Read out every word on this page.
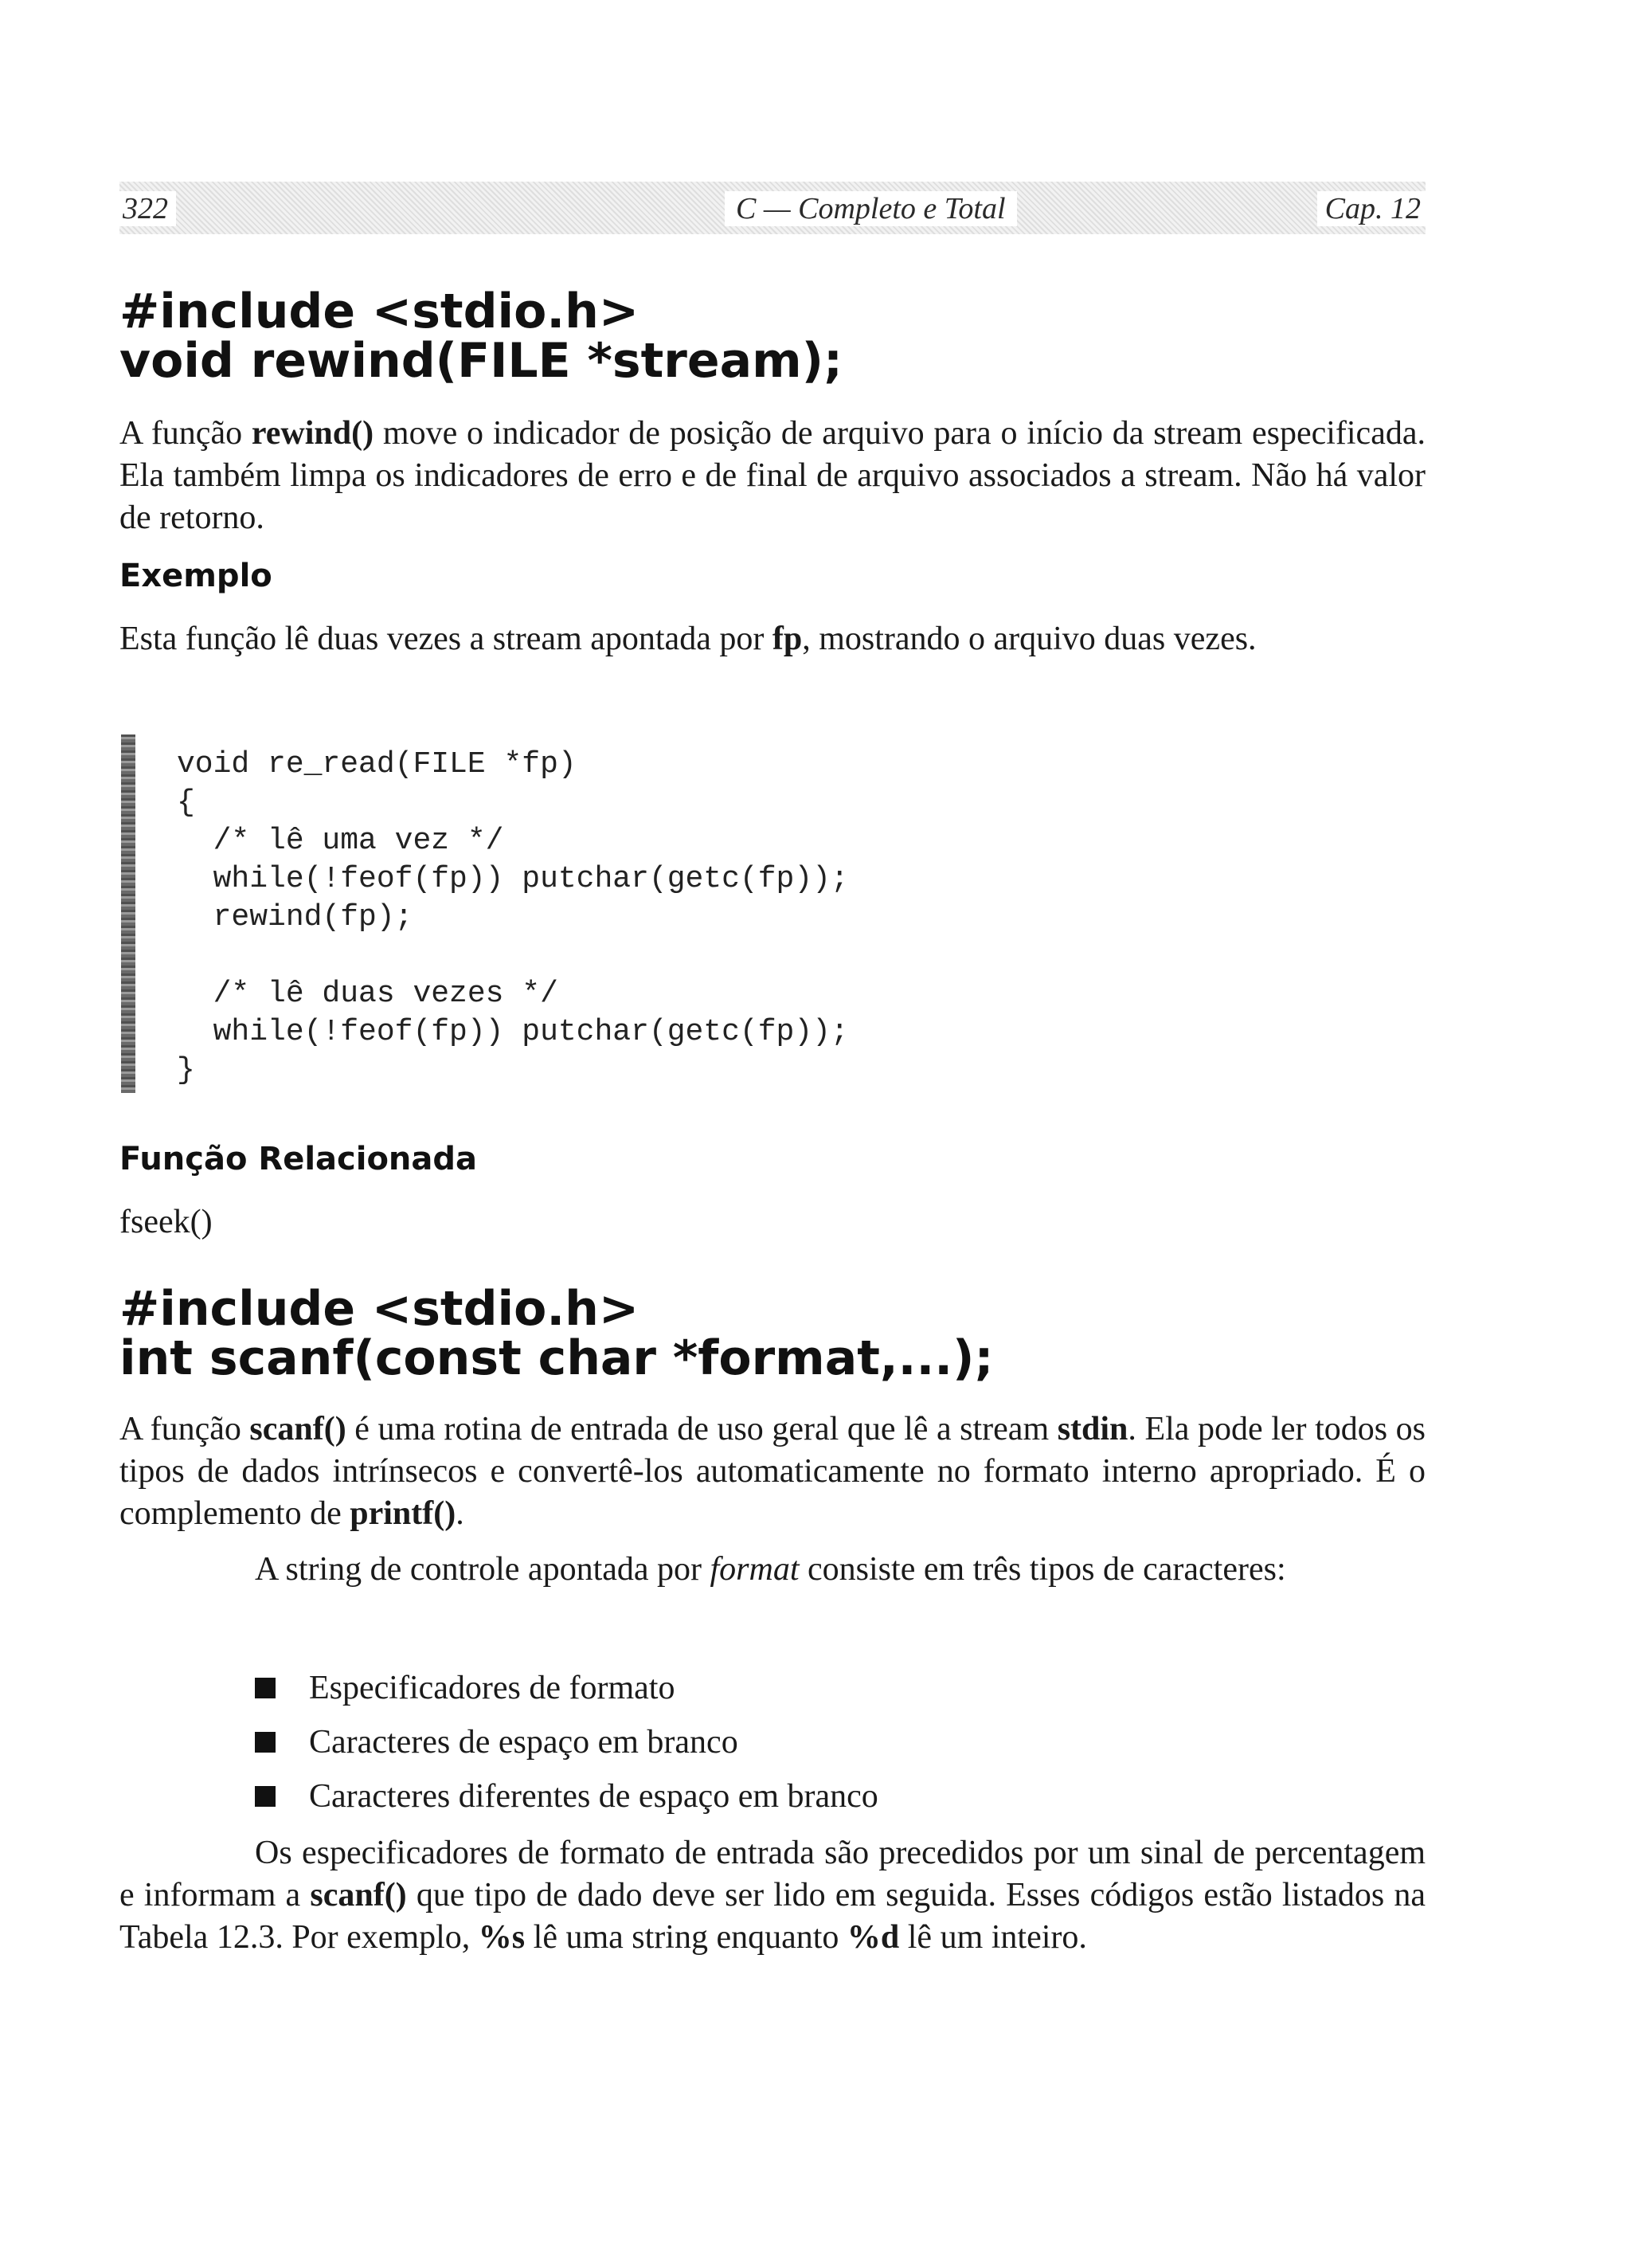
322	C — Completo e Total	Cap. 12
#include <stdio.h>
void rewind(FILE *stream);
A função rewind() move o indicador de posição de arquivo para o início da stream especificada. Ela também limpa os indicadores de erro e de final de arquivo associados a stream. Não há valor de retorno.
Exemplo
Esta função lê duas vezes a stream apontada por fp, mostrando o arquivo duas vezes.
void re_read(FILE *fp)
{
/* lê uma vez */
while(!feof(fp)) putchar(getc(fp));
rewind(fp);
/* lê duas vezes */
while(!feof(fp)) putchar(getc(fp));
}
Função Relacionada
fseek()
#include <stdio.h>
int scanf(const char *format,...);
A função scanf() é uma rotina de entrada de uso geral que lê a stream stdin. Ela pode ler todos os tipos de dados intrínsecos e convertê-los automaticamente no formato interno apropriado. É o complemento de printf().
A string de controle apontada por format consiste em três tipos de caracteres:
Especificadores de formato
Caracteres de espaço em branco
Caracteres diferentes de espaço em branco
Os especificadores de formato de entrada são precedidos por um sinal de percentagem e informam a scanf() que tipo de dado deve ser lido em seguida. Esses códigos estão listados na Tabela 12.3. Por exemplo, %s lê uma string enquanto %d lê um inteiro.
